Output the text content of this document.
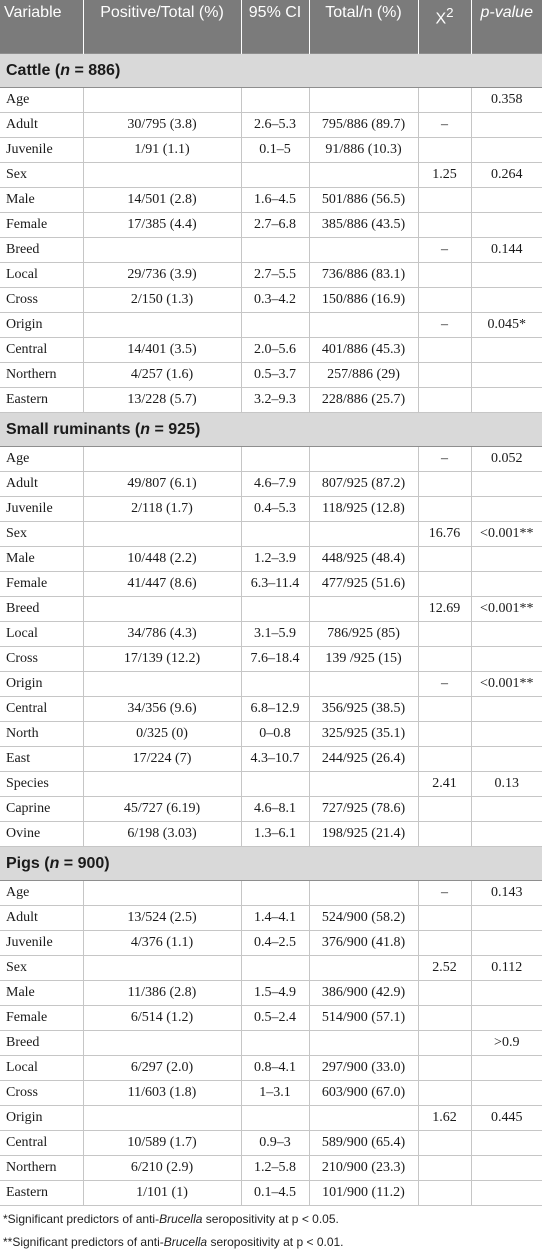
Variable	Positive/Total (%)	95% CI	Total/n (%)	$X^2$	p-value
Cattle (n = 886)					
Age					0.358
Adult	30/795 (3.8)	2.6–5.3	795/886 (89.7)	–	
Juvenile	1/91 (1.1)	0.1–5	91/886 (10.3)		
Sex				1.25	0.264
Male	14/501 (2.8)	1.6–4.5	501/886 (56.5)		
Female	17/385 (4.4)	2.7–6.8	385/886 (43.5)		
Breed				–	0.144
Local	29/736 (3.9)	2.7–5.5	736/886 (83.1)		
Cross	2/150 (1.3)	0.3–4.2	150/886 (16.9)		
Origin				–	0.045*
Central	14/401 (3.5)	2.0–5.6	401/886 (45.3)		
Northern	4/257 (1.6)	0.5–3.7	257/886 (29)		
Eastern	13/228 (5.7)	3.2–9.3	228/886 (25.7)		
Small ruminants (n = 925)					
Age				–	0.052
Adult	49/807 (6.1)	4.6–7.9	807/925 (87.2)		
Juvenile	2/118 (1.7)	0.4–5.3	118/925 (12.8)		
Sex				16.76	<0.001**
Male	10/448 (2.2)	1.2–3.9	448/925 (48.4)		
Female	41/447 (8.6)	6.3–11.4	477/925 (51.6)		
Breed				12.69	<0.001**
Local	34/786 (4.3)	3.1–5.9	786/925 (85)		
Cross	17/139 (12.2)	7.6–18.4	139 /925 (15)		
Origin				–	<0.001**
Central	34/356 (9.6)	6.8–12.9	356/925 (38.5)		
North	0/325 (0)	0–0.8	325/925 (35.1)		
East	17/224 (7)	4.3–10.7	244/925 (26.4)		
Species				2.41	0.13
Caprine	45/727 (6.19)	4.6–8.1	727/925 (78.6)		
Ovine	6/198 (3.03)	1.3–6.1	198/925 (21.4)		
Pigs (n = 900)					
Age				–	0.143
Adult	13/524 (2.5)	1.4–4.1	524/900 (58.2)		
Juvenile	4/376 (1.1)	0.4–2.5	376/900 (41.8)		
Sex				2.52	0.112
Male	11/386 (2.8)	1.5–4.9	386/900 (42.9)		
Female	6/514 (1.2)	0.5–2.4	514/900 (57.1)		
Breed					>0.9
Local	6/297 (2.0)	0.8–4.1	297/900 (33.0)		
Cross	11/603 (1.8)	1–3.1	603/900 (67.0)		
Origin				1.62	0.445
Central	10/589 (1.7)	0.9–3	589/900 (65.4)		
Northern	6/210 (2.9)	1.2–5.8	210/900 (23.3)		
Eastern	1/101 (1)	0.1–4.5	101/900 (11.2)		
*Significant predictors of anti-Brucella seropositivity at p < 0.05.
**Significant predictors of anti-Brucella seropositivity at p < 0.01.
